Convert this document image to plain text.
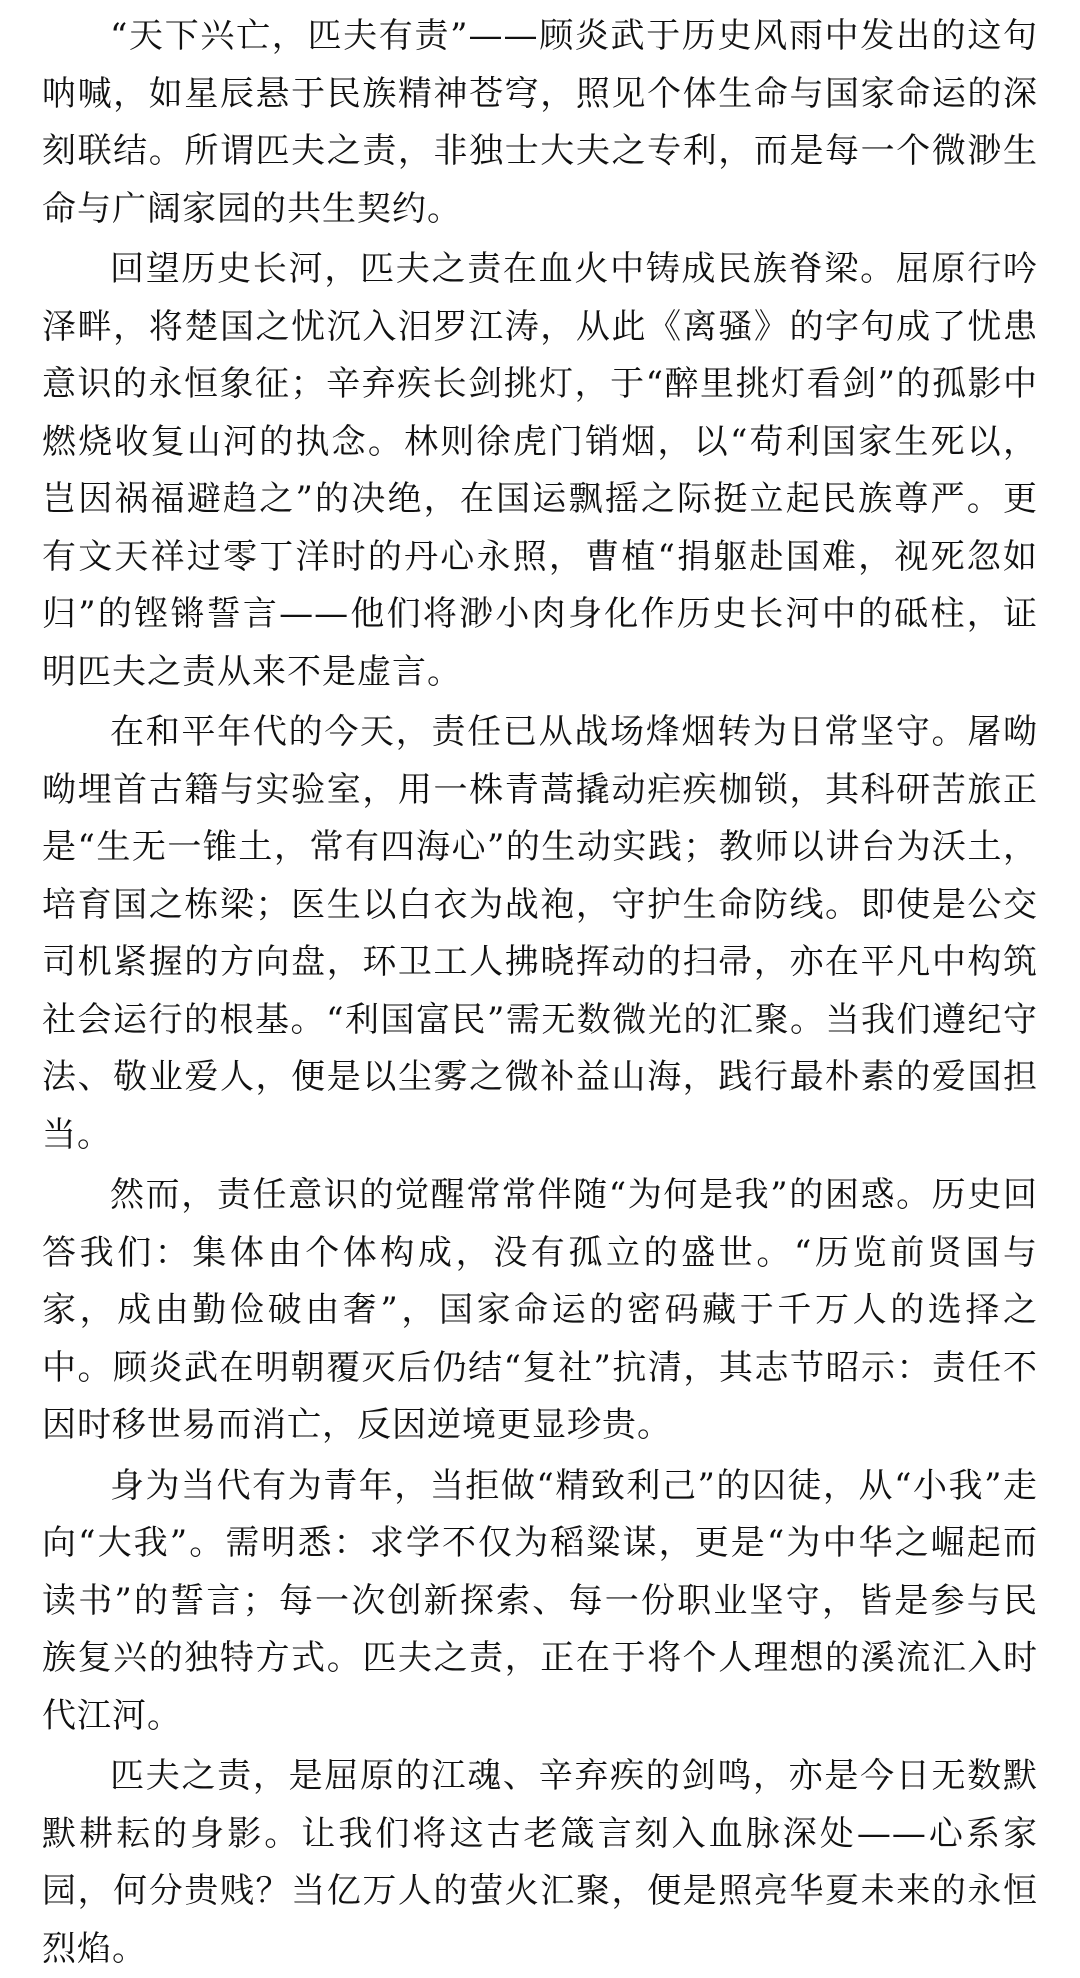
“天下兴亡，匹夫有责”——顾炎武于历史风雨中发出的这句呐喊，如星辰悬于民族精神苍穹，照见个体生命与国家命运的深刻联结。所谓匹夫之责，非独士大夫之专利，而是每一个微渺生命与广阔家园的共生契约。

回望历史长河，匹夫之责在血火中铸成民族脊梁。屈原行吟泽畔，将楚国之忧沉入汨罗江涛，从此《离骚》的字句成了忧患意识的永恒象征；辛弃疾长剑挑灯，于“醉里挑灯看剑”的孤影中燃烧收复山河的执念。林则徐虎门销烟，以“苟利国家生死以，岂因祸福避趋之”的决绝，在国运飘摇之际挺立起民族尊严。更有文天祥过零丁洋时的丹心永照，曹植“捐躯赴国难，视死忽如归”的铿锵誓言——他们将渺小肉身化作历史长河中的砥柱，证明匹夫之责从来不是虚言。

在和平年代的今天，责任已从战场烽烟转为日常坚守。屠呦呦埋首古籍与实验室，用一株青蒿撬动疟疾枷锁，其科研苦旅正是“生无一锥土，常有四海心”的生动实践；教师以讲台为沃土，培育国之栋梁；医生以白衣为战袍，守护生命防线。即使是公交司机紧握的方向盘，环卫工人拂晓挥动的扫帚，亦在平凡中构筑社会运行的根基。“利国富民”需无数微光的汇聚。当我们遵纪守法、敬业爱人，便是以尘雾之微补益山海，践行最朴素的爱国担当。

然而，责任意识的觉醒常常伴随“为何是我”的困惑。历史回答我们：集体由个体构成，没有孤立的盛世。“历览前贤国与家，成由勤俭破由奢”，国家命运的密码藏于千万人的选择之中。顾炎武在明朝覆灭后仍结“复社”抗清，其志节昭示：责任不因时移世易而消亡，反因逆境更显珍贵。

身为当代有为青年，当拒做“精致利己”的囚徒，从“小我”走向“大我”。需明悉：求学不仅为稻粱谋，更是“为中华之崛起而读书”的誓言；每一次创新探索、每一份职业坚守，皆是参与民族复兴的独特方式。匹夫之责，正在于将个人理想的溪流汇入时代江河。

匹夫之责，是屈原的江魂、辛弃疾的剑鸣，亦是今日无数默默耕耘的身影。让我们将这古老箴言刻入血脉深处——心系家园，何分贵贱？当亿万人的萤火汇聚，便是照亮华夏未来的永恒烈焰。
